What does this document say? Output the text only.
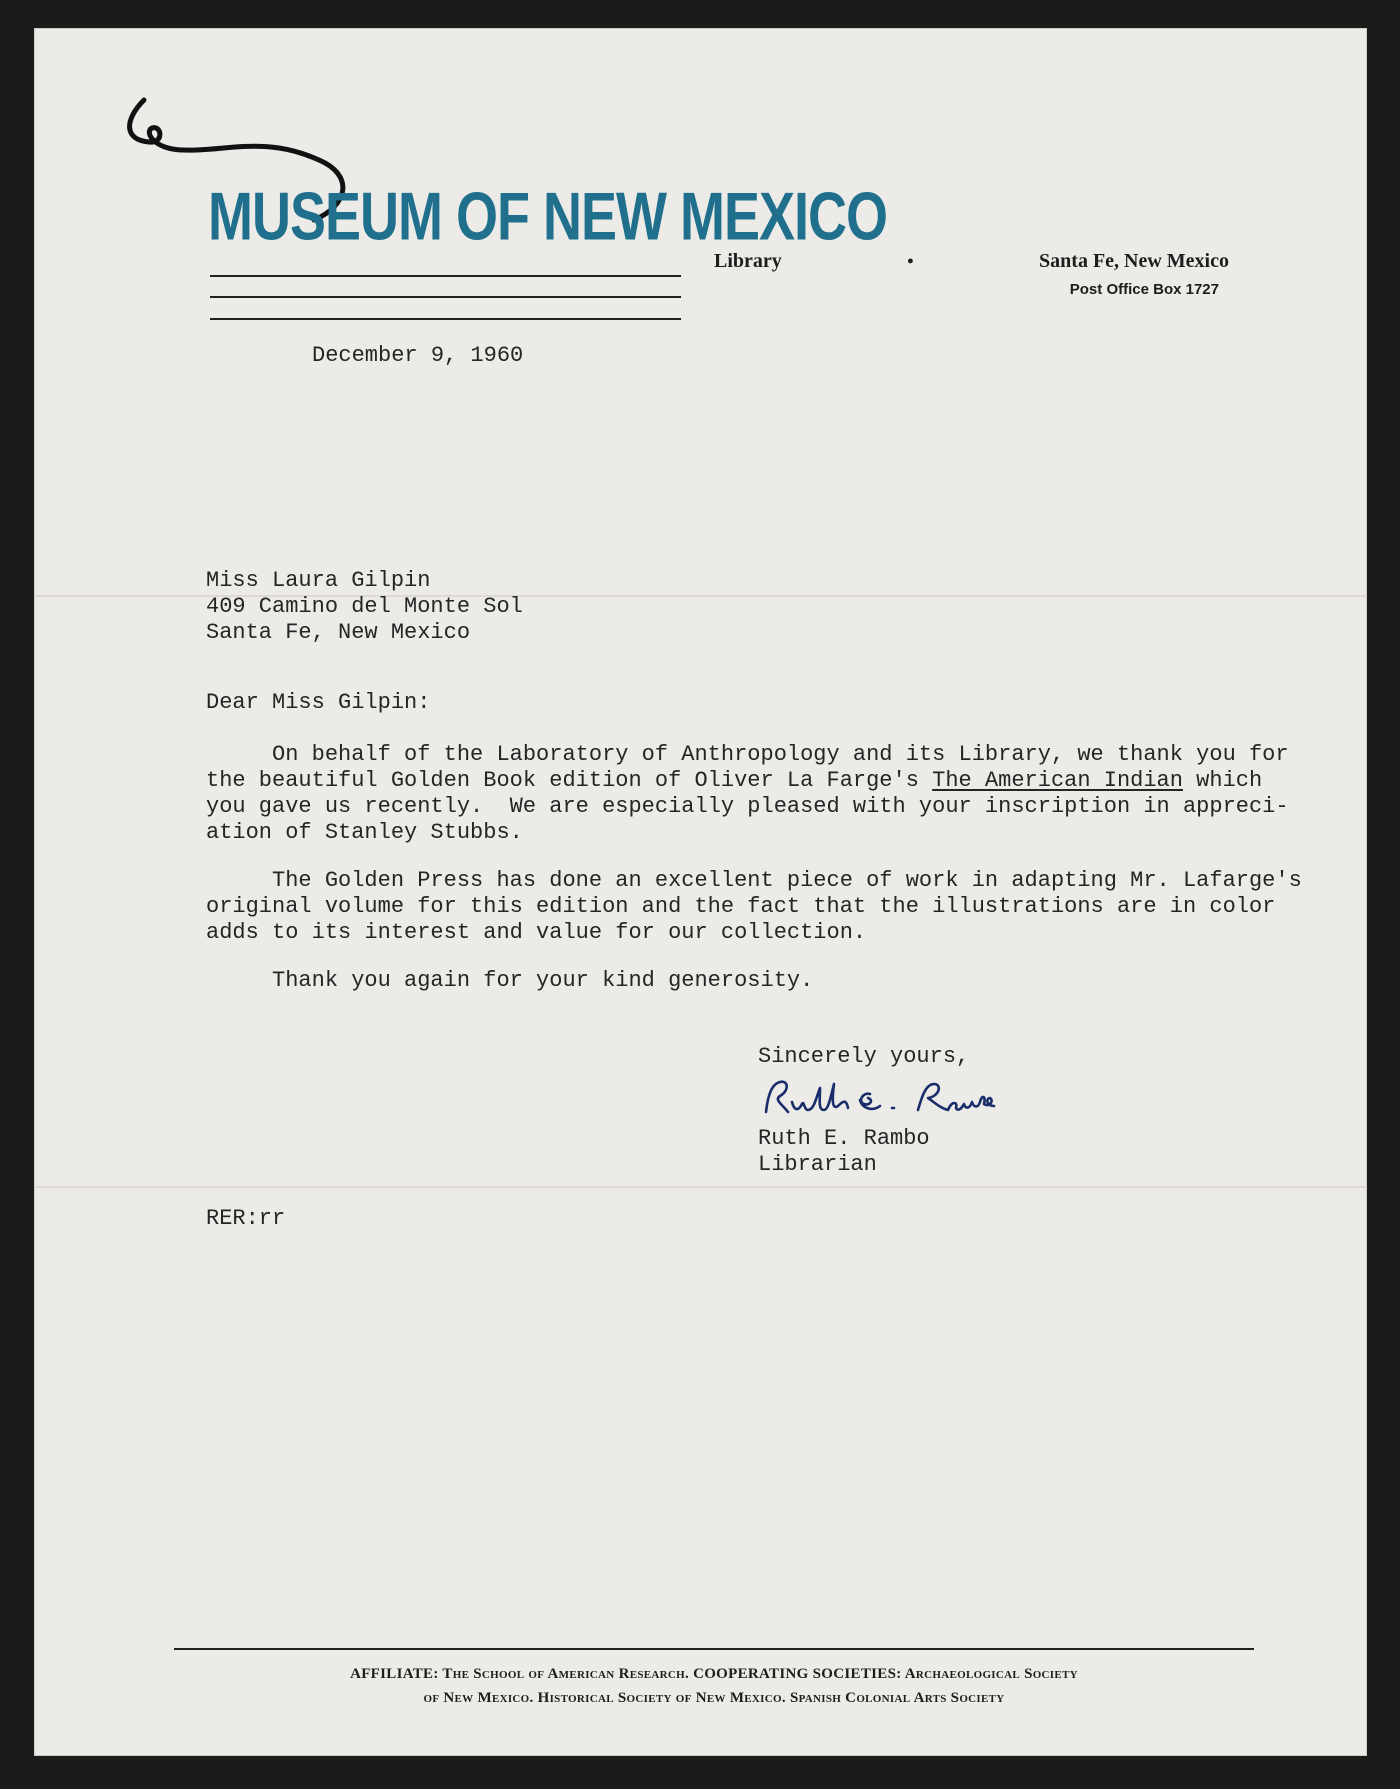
MUSEUM OF NEW MEXICO
Library	•	Santa Fe, New Mexico
Post Office Box 1727
December 9, 1960
Miss Laura Gilpin
409 Camino del Monte Sol
Santa Fe, New Mexico
Dear Miss Gilpin:
On behalf of the Laboratory of Anthropology and its Library, we thank you for
the beautiful Golden Book edition of Oliver La Farge's The American Indian which
you gave us recently.  We are especially pleased with your inscription in appreci-
ation of Stanley Stubbs.
The Golden Press has done an excellent piece of work in adapting Mr. Lafarge's
original volume for this edition and the fact that the illustrations are in color
adds to its interest and value for our collection.
Thank you again for your kind generosity.
Sincerely yours,
Ruth E. Rambo
Librarian
RER:rr
AFFILIATE: The School of American Research. COOPERATING SOCIETIES: Archaeological Society
of New Mexico. Historical Society of New Mexico. Spanish Colonial Arts Society
